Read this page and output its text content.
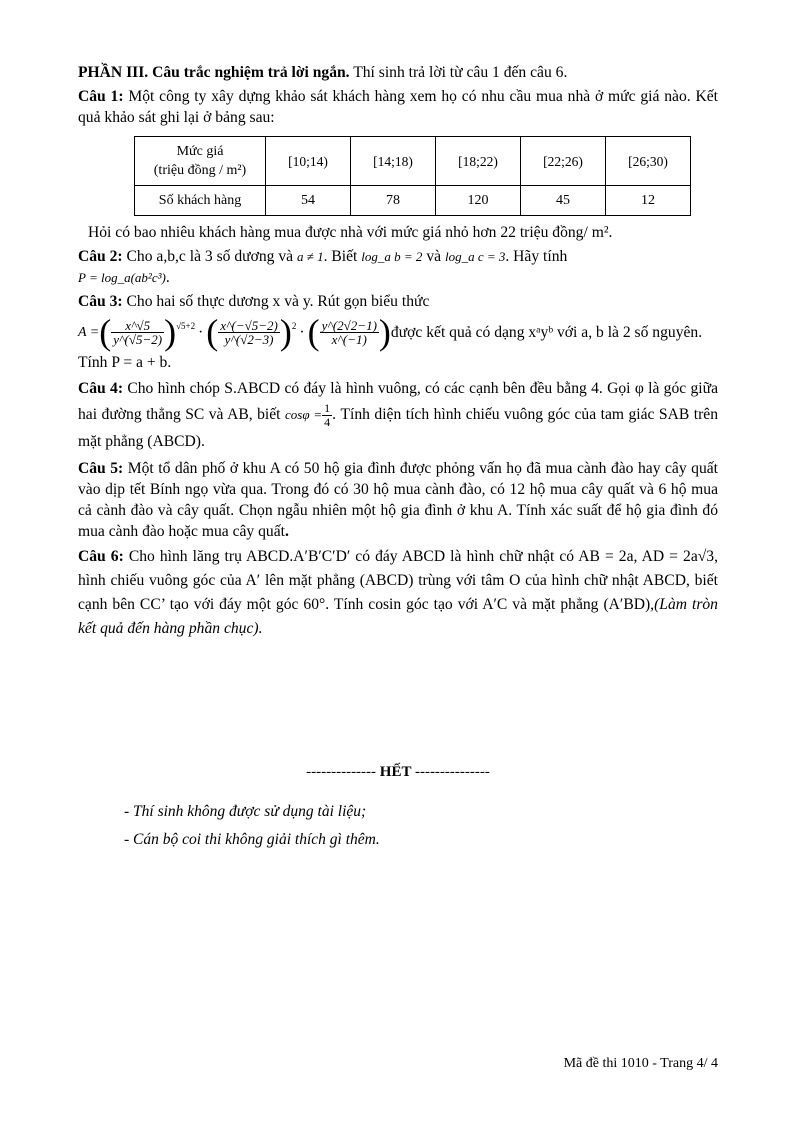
PHẦN III. Câu trắc nghiệm trả lời ngắn. Thí sinh trả lời từ câu 1 đến câu 6.

Câu 1: Một công ty xây dựng khảo sát khách hàng xem họ có nhu cầu mua nhà ở mức giá nào. Kết quả khảo sát ghi lại ở bảng sau:

Mức giá
(triệu đồng / m²)	[10;14)	[14;18)	[18;22)	[22;26)	[26;30)
Số khách hàng	54	78	120	45	12

Hỏi có bao nhiêu khách hàng mua được nhà với mức giá nhỏ hơn 22 triệu đồng/ m².

Câu 2: Cho a,b,c là 3 số dương và a ≠ 1. Biết log_a b = 2 và log_a c = 3. Hãy tính
P = log_a(ab²c³).

Câu 3: Cho hai số thực dương x và y. Rút gọn biểu thức

A = ( $\frac{x\^{}√5}{y\^{}(√5-2)}$ ) √5+2 · ( $\frac{x\^{}(-√5-2)}{y\^{}(√2-3)}$ ) 2 · ( $\frac{y\^{}(2√2-1)}{x\^{}(-1)}$ ) được kết quả có dạng xᵃyᵇ với a, b là 2 số nguyên.

Tính P = a + b.

Câu 4: Cho hình chóp S.ABCD có đáy là hình vuông, có các cạnh bên đều bằng 4. Gọi φ là góc giữa hai đường thẳng SC và AB, biết $\cos\varphi = \frac{1}{4}$ . Tính diện tích hình chiếu vuông góc của tam giác SAB trên mặt phẳng (ABCD).

Câu 5: Một tổ dân phố ở khu A có 50 hộ gia đình được phỏng vấn họ đã mua cành đào hay cây quất vào dịp tết Bính ngọ vừa qua. Trong đó có 30 hộ mua cành đào, có 12 hộ mua cây quất và 6 hộ mua cả cành đào và cây quất. Chọn ngẫu nhiên một hộ gia đình ở khu A. Tính xác suất để hộ gia đình đó mua cành đào hoặc mua cây quất.

Câu 6: Cho hình lăng trụ ABCD.A′B′C′D′ có đáy ABCD là hình chữ nhật có AB = 2a, AD = 2a√3, hình chiếu vuông góc của A′ lên mặt phẳng (ABCD) trùng với tâm O của hình chữ nhật ABCD, biết cạnh bên CC’ tạo với đáy một góc 60°. Tính cosin góc tạo với A′C và mặt phẳng (A′BD),(Làm tròn kết quả đến hàng phần chục).

-------------- HẾT ---------------
- Thí sinh không được sử dụng tài liệu;
- Cán bộ coi thi không giải thích gì thêm.
Mã đề thi 1010 - Trang 4/ 4
